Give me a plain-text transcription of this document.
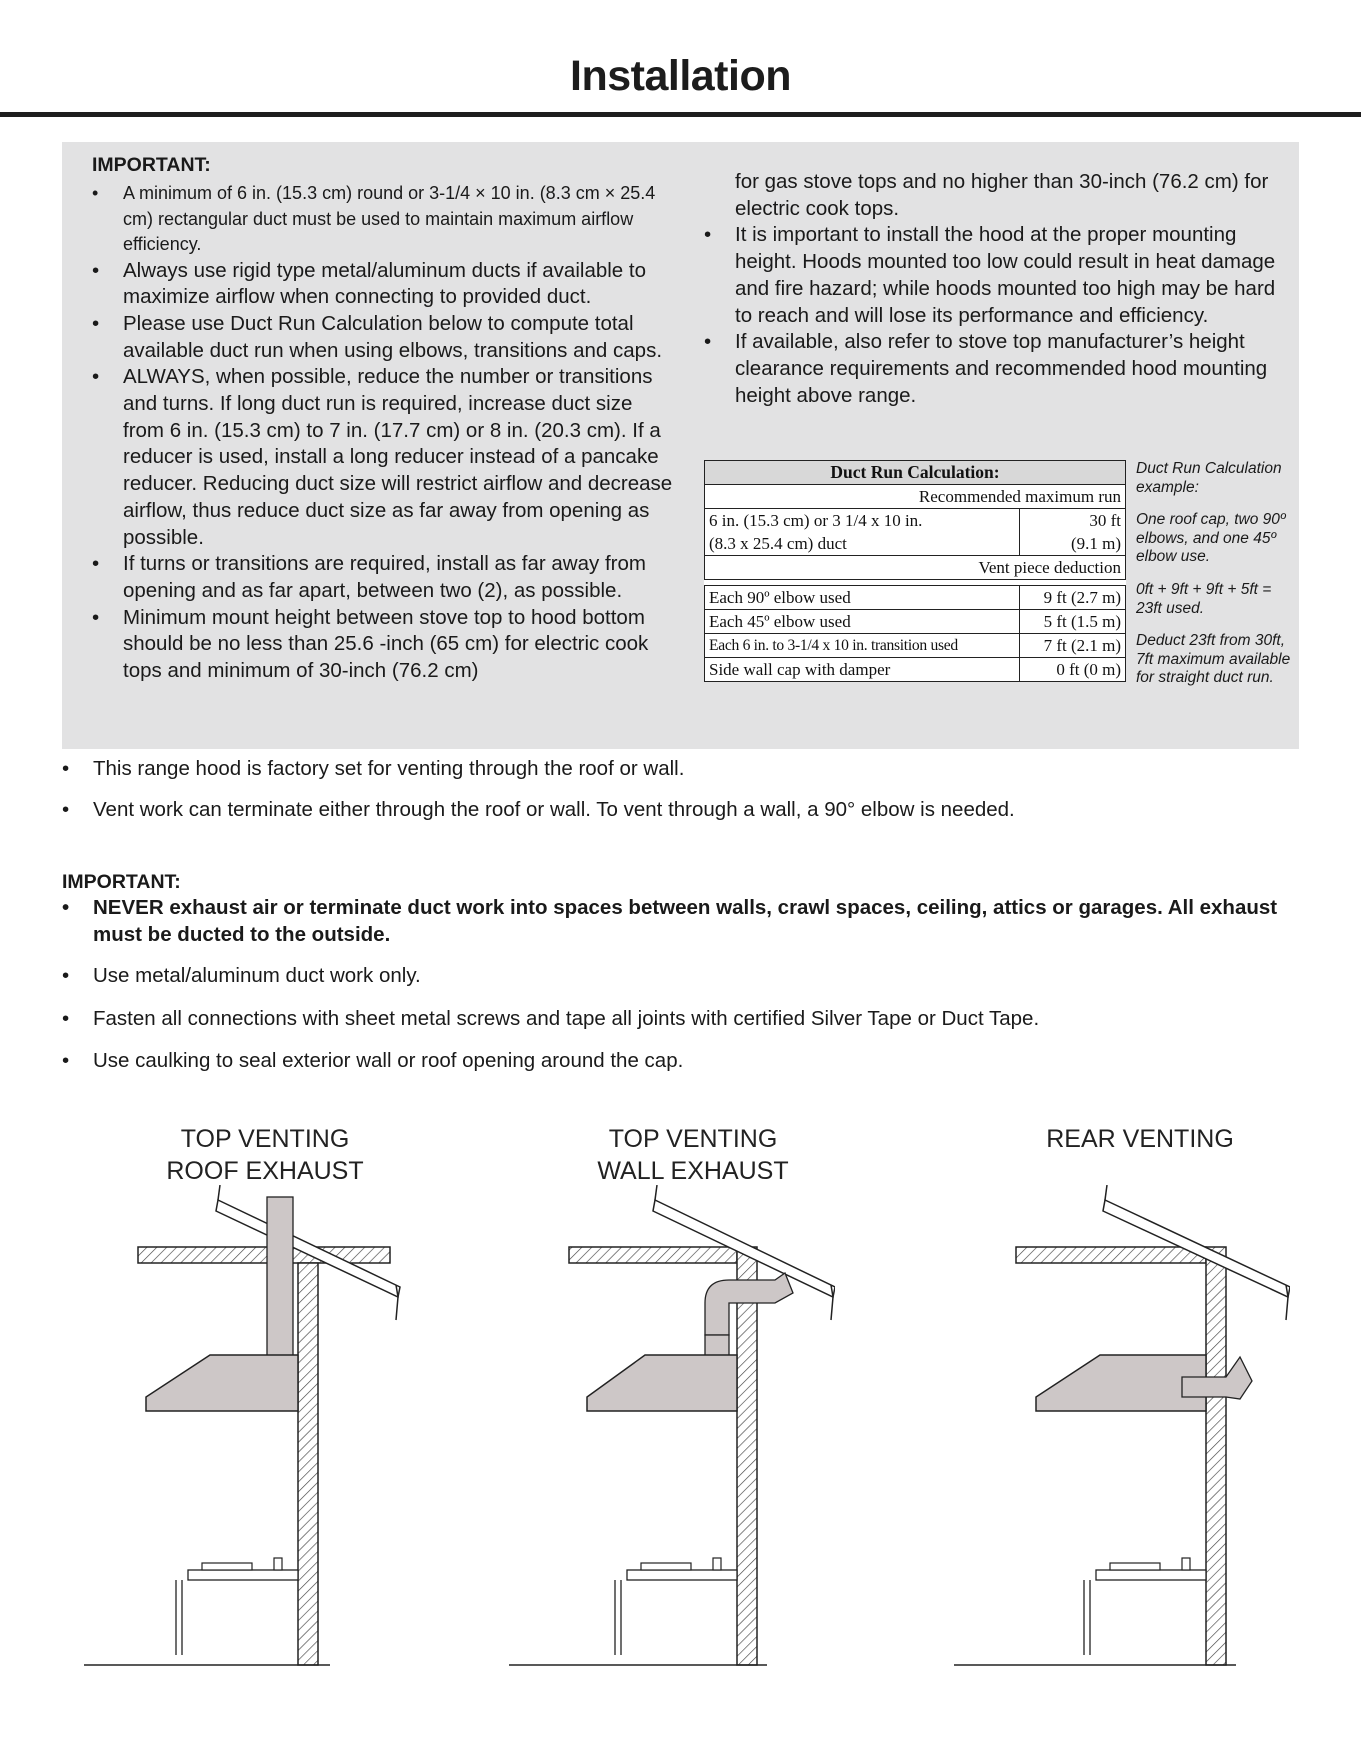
Installation
IMPORTANT:
• A minimum of 6 in. (15.3 cm) round or 3-1/4 × 10 in. (8.3 cm × 25.4 cm) rectangular duct must be used to maintain maximum airflow efficiency.
• Always use rigid type metal/aluminum ducts if available to maximize airflow when connecting to provided duct.
• Please use Duct Run Calculation below to compute total available duct run when using elbows, transitions and caps.
• ALWAYS, when possible, reduce the number or transitions and turns. If long duct run is required, increase duct size from 6 in. (15.3 cm) to 7 in. (17.7 cm) or 8 in. (20.3 cm). If a reducer is used, install a long reducer instead of a pancake reducer. Reducing duct size will restrict airflow and decrease airflow, thus reduce duct size as far away from opening as possible.
• If turns or transitions are required, install as far away from opening and as far apart, between two (2), as possible.
• Minimum mount height between stove top to hood bottom should be no less than 25.6 -inch (65 cm) for electric cook tops and minimum of 30-inch (76.2 cm)
for gas stove tops and no higher than 30-inch (76.2 cm) for electric cook tops.
• It is important to install the hood at the proper mounting height. Hoods mounted too low could result in heat damage and fire hazard; while hoods mounted too high may be hard to reach and will lose its performance and efficiency.
• If available, also refer to stove top manufacturer’s height clearance requirements and recommended hood mounting height above range.
Duct Run Calculation:	
Recommended maximum run	
6 in. (15.3 cm) or 3 1/4 x 10 in.	30 ft
(8.3 x 25.4 cm) duct	(9.1 m)
Vent piece deduction	

Each 90º elbow used	9 ft (2.7 m)
Each 45º elbow used	5 ft (1.5 m)
Each 6 in. to 3-1/4 x 10 in. transition used	7 ft (2.1 m)
Side wall cap with damper	0 ft (0 m)

Duct Run Calculation example:

One roof cap, two 90º elbows, and one 45º elbow use.

0ft + 9ft + 9ft + 5ft = 23ft used.

Deduct 23ft from 30ft, 7ft maximum available for straight duct run.

• This range hood is factory set for venting through the roof or wall.
• Vent work can terminate either through the roof or wall. To vent through a wall, a 90° elbow is needed.
IMPORTANT:
• NEVER exhaust air or terminate duct work into spaces between walls, crawl spaces, ceiling, attics or garages. All exhaust must be ducted to the outside.
• Use metal/aluminum duct work only.
• Fasten all connections with sheet metal screws and tape all joints with certified Silver Tape or Duct Tape.
• Use caulking to seal exterior wall or roof opening around the cap.
TOP VENTING
ROOF EXHAUST
TOP VENTING
WALL EXHAUST
REAR VENTING
